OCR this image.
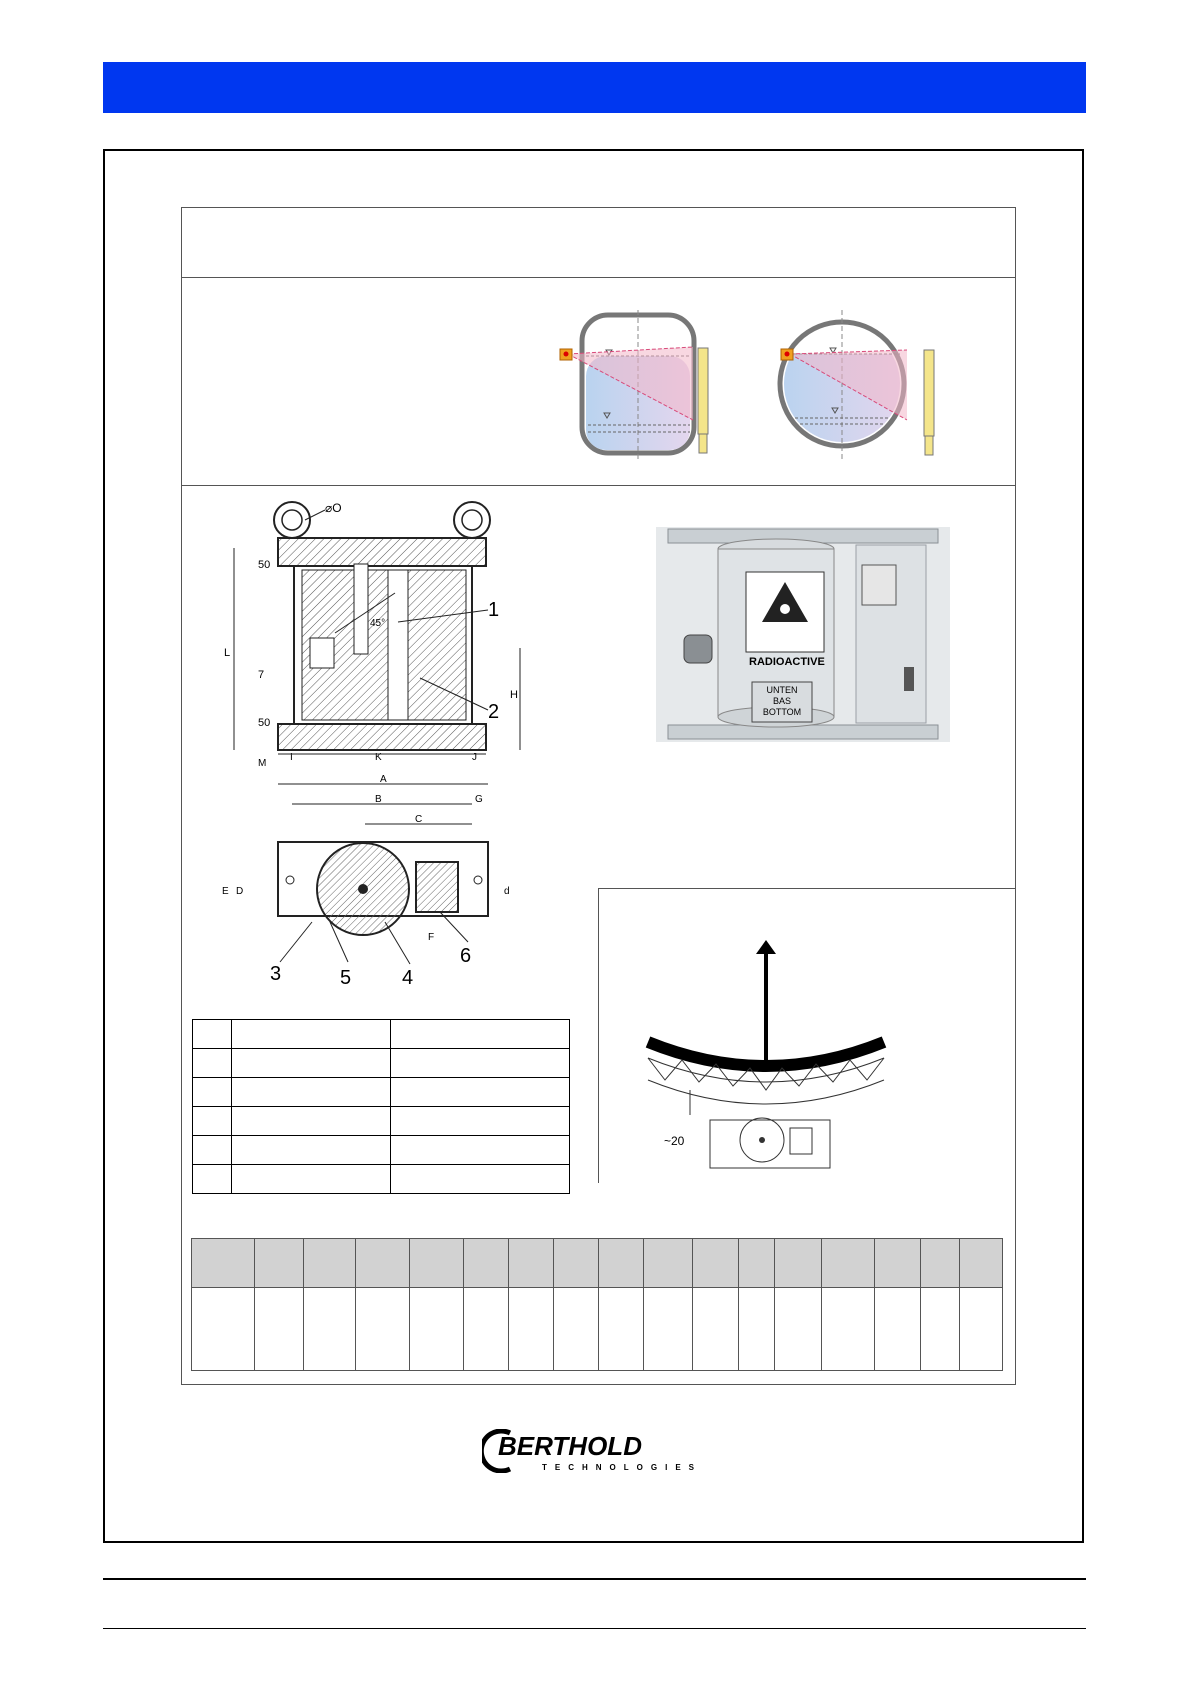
⌀O
45°
L
50
7
50
M
I	K	J
H
1
2
A
B	G
C
E D	d
F
3	5	4
6
RADIOACTIVE
UNTEN
BAS
BOTTOM
~20

BERTHOLD
TECHNOLOGIES
